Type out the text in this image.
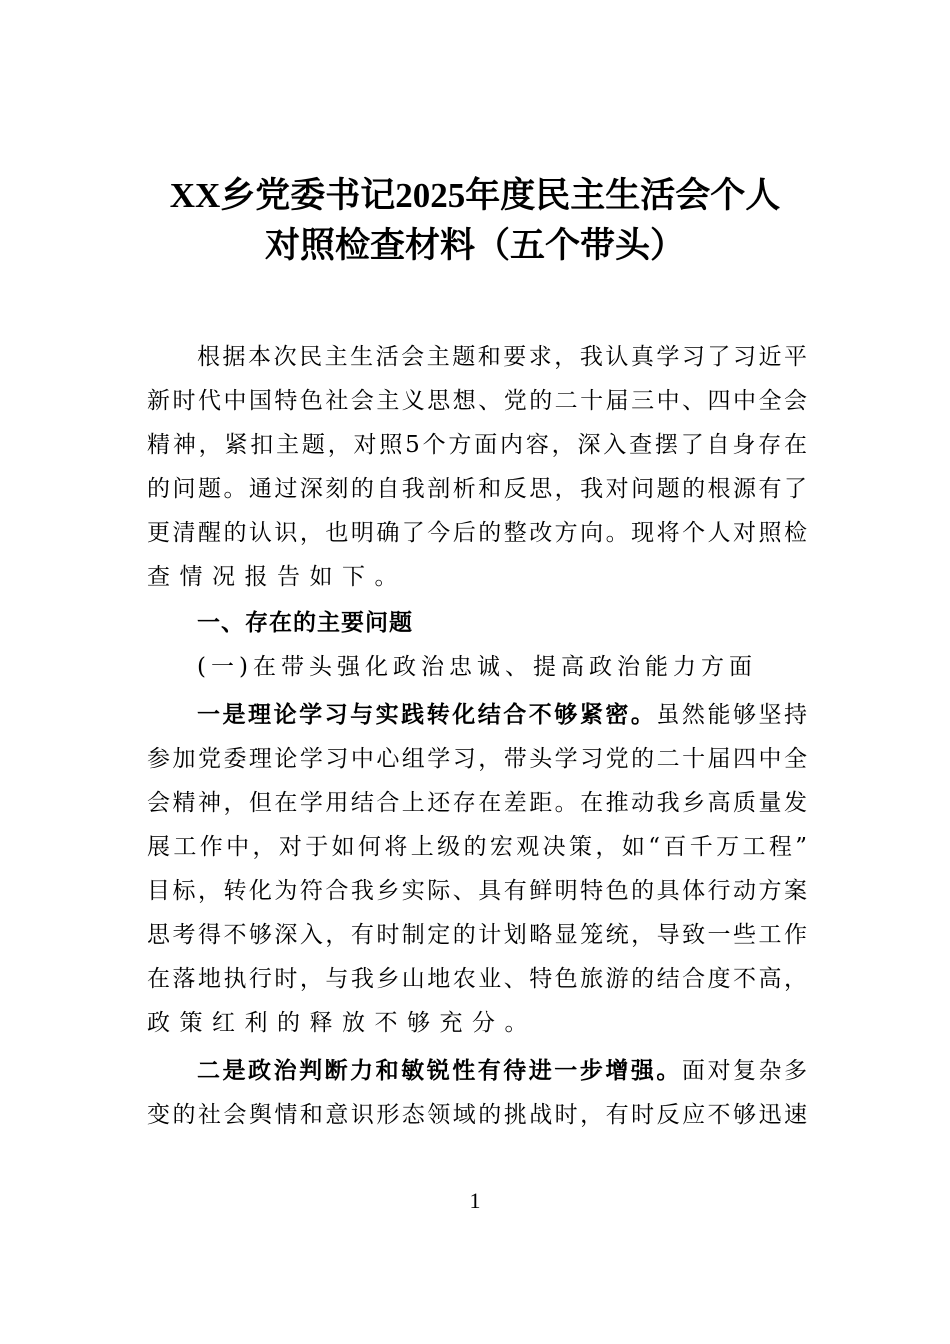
XX乡党委书记2025年度民主生活会个人
对照检查材料（五个带头）
根据本次民主生活会主题和要求，我认真学习了习近平
新时代中国特色社会主义思想、党的二十届三中、四中全会
精神，紧扣主题，对照5个方面内容，深入查摆了自身存在
的问题。通过深刻的自我剖析和反思，我对问题的根源有了
更清醒的认识，也明确了今后的整改方向。现将个人对照检
查情况报告如下。
一、存在的主要问题
(一)在带头强化政治忠诚、提高政治能力方面
一是理论学习与实践转化结合不够紧密。虽然能够坚持
参加党委理论学习中心组学习，带头学习党的二十届四中全
会精神，但在学用结合上还存在差距。在推动我乡高质量发
展工作中，对于如何将上级的宏观决策，如“百千万工程”
目标，转化为符合我乡实际、具有鲜明特色的具体行动方案
思考得不够深入，有时制定的计划略显笼统，导致一些工作
在落地执行时，与我乡山地农业、特色旅游的结合度不高，
政策红利的释放不够充分。
二是政治判断力和敏锐性有待进一步增强。面对复杂多
变的社会舆情和意识形态领域的挑战时，有时反应不够迅速
1
